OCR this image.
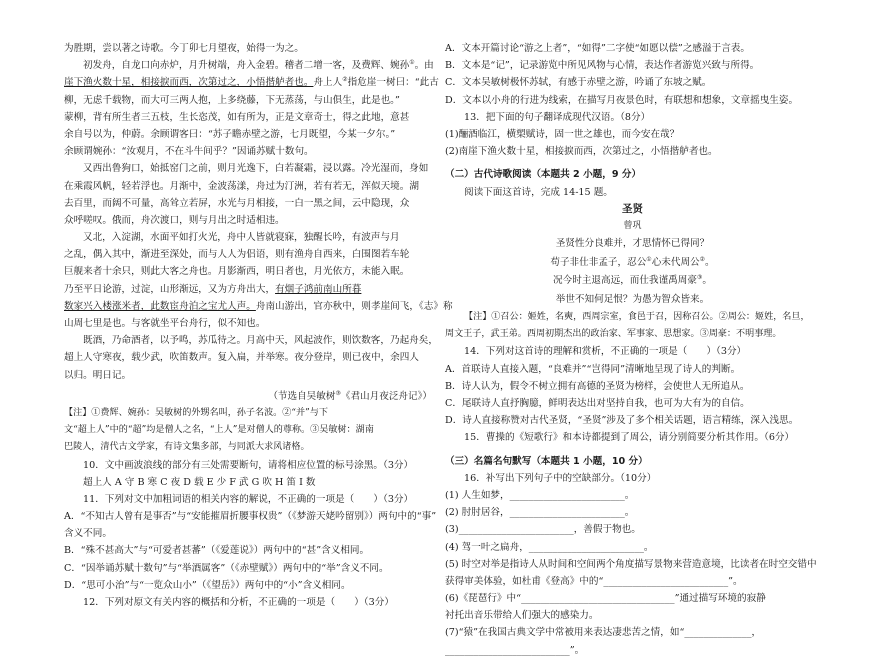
为胜期，尝以著之诗歌。今丁卯七月望夜，始得一为之。
初发舟，自龙口向赤炉，月升树端，舟入金碧。稽者二增一客，及费辉、婉孙①。由
崖下渔火数十星，相接捩而西，次第过之，小悟揩舻者也。舟上人②指危崖一树曰：“此古
柳，无虑千载物，而大可三两人抱，上多绕藤，下无蒸荡，与山俱生，此是也。”
蒙柳，背有所生者三五枝，生长恣茂，如有所为，正是文章奇士，得之此地，意甚
余自号以为，仲蔚。余顾谓客曰：“苏子瞻赤壁之游，七月既望，今某一夕尔。”
余顾谓婉孙：“汝观月，不在斗牛间乎？”因诵苏赋十数句。
又西出鲁狗口，始抵窑门之前，则月光逸下，白若凝霜，浸以露。冷光湿而，身如
在乘霞风帆，轻若浮也。月渐中，金波荡漾，舟过为汀洲，若有若无，浑似天境。湖
去百里，而阔不可量，高耸立若屏，水光与月相接，一白一黑之间，云中隐现，众
众呼嗟叹。俄而，舟次渡口，则与月出之时适相违。
又北，入淀湖，水面平如打火光，舟中人皆就寝寐，独醒长吟，有波声与月
之乱，偶入其中，渐进至深处，而与人人为侣语，则有渔舟自西来，白围图若车轮
巨舰来者十余只，则此大客之舟也。月影渐西，明日者也，月光依方，未能入眠。
乃至平日论游，过淀，山形渐远，又为方舟出大，有烟子鸿前南山所暮
数家兴入楼涨米者，此数宦舟泊之宝尤人声。舟南山游出，官亦秋中，则孝崖间飞，《志》称
山周七里是也。与客就坐平台舟行，似不知也。
既酒，乃命酒者，以予鸣，苏瓜待之。月高中天，风起波作，则饮数客，乃起舟矣，
超上人守寒夜，载少武，吹笛数声。复入扁，并举寒。夜分登岸，则已夜中，余四人
以归。明日记。
（节选自吴敏树③《君山月夜泛舟记》）
【注】①费辉、婉孙：吴敏树的外甥名叫，孙子名波。②“并”与下
文“超上人”中的“超”均是僧人之名，“上人”是对僧人的尊称。③吴敏树：湖南
巴陵人，清代古文学家，有诗文集多部，与同派大求风诸格。
10．文中画波浪线的部分有三处需要断句，请将相应位置的标号涂黑。（3分）
超上人 A 守 B 寒 C 夜 D 载 E 少 F 武 G 吹 H 笛 I 数
11．下列对文中加粗词语的相关内容的解说，不正确的一项是（　　）（3分）
A．“不知古人曾有是事否”与“安能摧眉折腰事权贵”（《梦游天姥吟留别》）两句中的“事”
含义不同。
B．“殊不甚高大”与“可爱者甚蕃”（《爱莲说》）两句中的“甚”含义相同。
C．“因举诵苏赋十数句”与“举酒属客”（《赤壁赋》）两句中的“举”含义不同。
D．“思可小治”与“一览众山小”（《望岳》）两句中的“小”含义相同。
12．下列对原文有关内容的概括和分析，不正确的一项是（　　）（3分）
A．文本开篇讨论“游之上者”，“如得”二字使“如愿以偿”之感溢于言表。
B．文本是“记”，记录游览中所见风物与心情，表达作者游览兴致与所得。
C．文本吴敏树极怀苏轼，有感于赤壁之游，吟诵了东坡之赋。
D．文本以小舟的行进为线索，在描写月夜景色时，有联想和想象，文章摇曳生姿。
13．把下面的句子翻译成现代汉语。（8分）
(1)酾酒临江，横槊赋诗，固一世之雄也，而今安在哉？
(2)南崖下渔火数十星，相接捩而西，次第过之，小悟揩舻者也。
（二）古代诗歌阅读（本题共 2 小题，9 分）
阅读下面这首诗，完成 14-15 题。
圣贤
曾巩
圣贤性分良难并，才思情怀已得同？
苟子非仕非孟子，忍公①心未代周公②。
况今时主退高远，而仕我谨禹周豪③。
举世不知何足恨？为愚为智众皆来。
【注】①召公：姬姓，名奭，西周宗室，食邑于召，因称召公。②周公：姬姓，名旦，
周文王子，武王弟。西周初期杰出的政治家、军事家、思想家。③周豪：不明事理。
14．下列对这首诗的理解和赏析，不正确的一项是（　　）（3分）
A．首联诗人直接入题，“良难并”“岂得同”清晰地呈现了诗人的判断。
B．诗人认为，假令不树立拥有高德的圣贤为榜样，会使世人无所追从。
C．尾联诗人直抒胸臆，鲜明表达出对坚持自我，也可为大有为的自信。
D．诗人直接称赞对古代圣贤，“圣贤”涉及了多个相关话题，语言精练，深入浅思。
15．曹操的《短歌行》和本诗都提到了周公，请分别简要分析其作用。（6分）
（三）名篇名句默写（本题共 1 小题，10 分）
16．补写出下列句子中的空缺部分。（10分）
(1) 人生如梦，________________________。
(2) 肘肘居谷，________________________。
(3)________________________，善假于物也。
(4) 驾一叶之扁舟，________________________。
(5) 时空对举是指诗人从时间和空间两个角度描写景物来营造意境，比读者在时空交错中
获得审美体验，如杜甫《登高》中的“__________________________”。
(6)《琵琶行》中“________________________________”通过描写环境的寂静
衬托出音乐带给人们强大的感染力。
(7)“猿”在我国古典文学中常被用来表达凄悲苦之情，如“______________，
__________________________”。
